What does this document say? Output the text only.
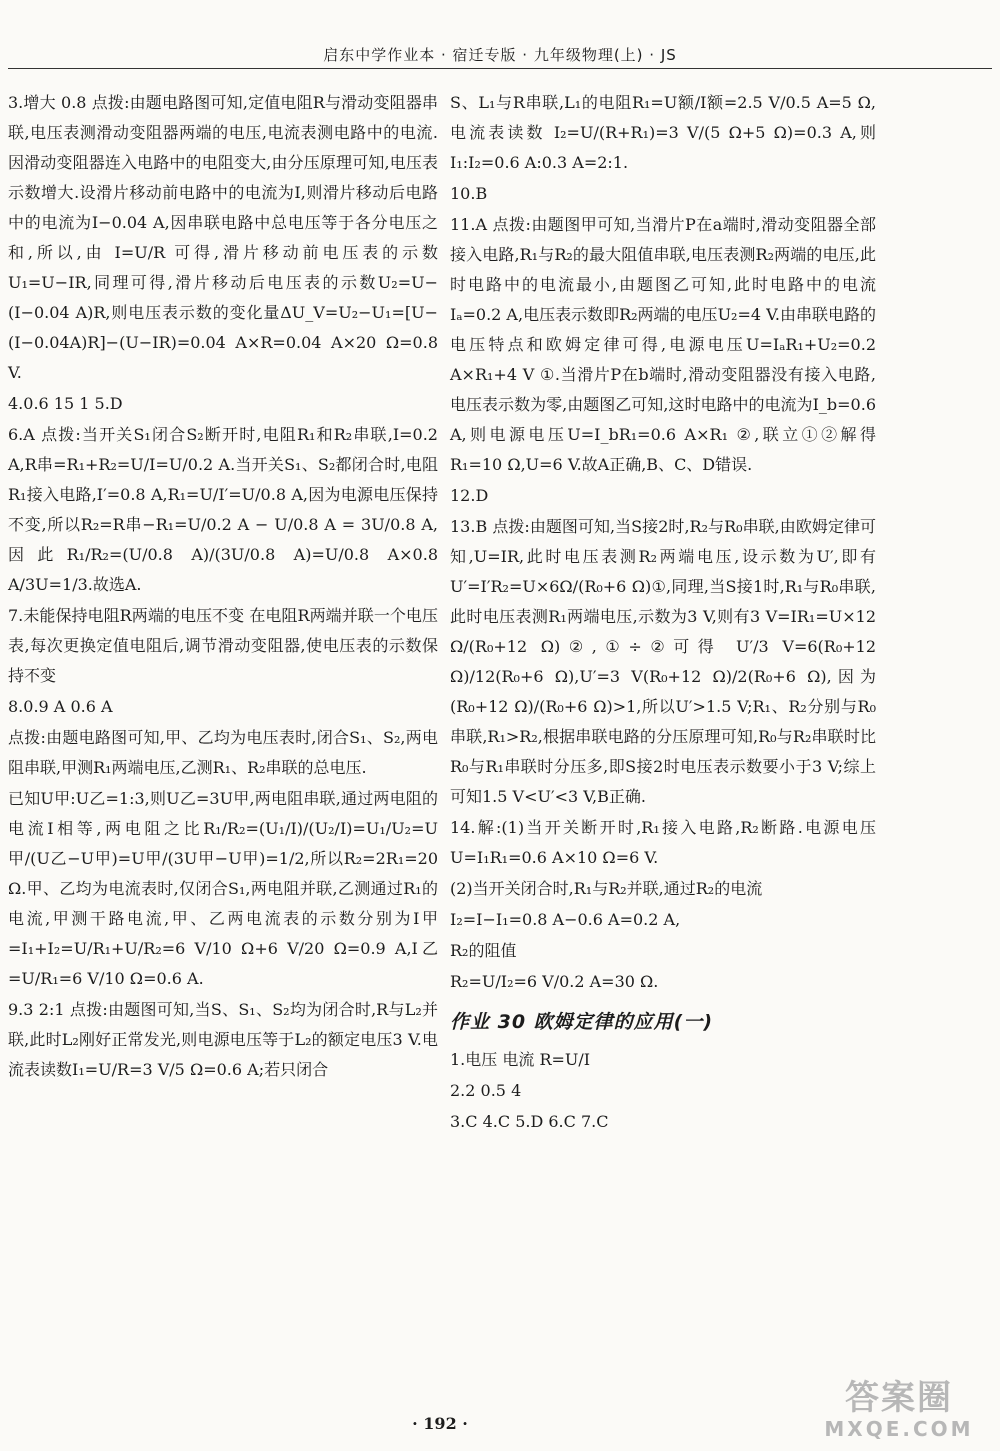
启东中学作业本 · 宿迁专版 · 九年级物理(上) · JS

3.增大 0.8 点拨:由题电路图可知,定值电阻R与滑动变阻器串联,电压表测滑动变阻器两端的电压,电流表测电路中的电流.因滑动变阻器连入电路中的电阻变大,由分压原理可知,电压表示数增大.设滑片移动前电路中的电流为I,则滑片移动后电路中的电流为I−0.04 A,因串联电路中总电压等于各分电压之和,所以,由 I=U/R 可得,滑片移动前电压表的示数U₁=U−IR,同理可得,滑片移动后电压表的示数U₂=U−(I−0.04 A)R,则电压表示数的变化量ΔU_V=U₂−U₁=[U−(I−0.04A)R]−(U−IR)=0.04 A×R=0.04 A×20 Ω=0.8 V.

4.0.6 15 1 5.D

6.A 点拨:当开关S₁闭合S₂断开时,电阻R₁和R₂串联,I=0.2 A,R串=R₁+R₂=U/I=U/0.2 A.当开关S₁、S₂都闭合时,电阻R₁接入电路,I′=0.8 A,R₁=U/I′=U/0.8 A,因为电源电压保持不变,所以R₂=R串−R₁=U/0.2 A − U/0.8 A = 3U/0.8 A,因此R₁/R₂=(U/0.8 A)/(3U/0.8 A)=U/0.8 A×0.8 A/3U=1/3.故选A.

7.未能保持电阻R两端的电压不变 在电阻R两端并联一个电压表,每次更换定值电阻后,调节滑动变阻器,使电压表的示数保持不变

8.0.9 A 0.6 A

点拨:由题电路图可知,甲、乙均为电压表时,闭合S₁、S₂,两电阻串联,甲测R₁两端电压,乙测R₁、R₂串联的总电压.

已知U甲:U乙=1:3,则U乙=3U甲,两电阻串联,通过两电阻的电流I相等,两电阻之比R₁/R₂=(U₁/I)/(U₂/I)=U₁/U₂=U甲/(U乙−U甲)=U甲/(3U甲−U甲)=1/2,所以R₂=2R₁=20 Ω.甲、乙均为电流表时,仅闭合S₁,两电阻并联,乙测通过R₁的电流,甲测干路电流,甲、乙两电流表的示数分别为I甲=I₁+I₂=U/R₁+U/R₂=6 V/10 Ω+6 V/20 Ω=0.9 A,I乙=U/R₁=6 V/10 Ω=0.6 A.

9.3 2:1 点拨:由题图可知,当S、S₁、S₂均为闭合时,R与L₂并联,此时L₂刚好正常发光,则电源电压等于L₂的额定电压3 V.电流表读数I₁=U/R=3 V/5 Ω=0.6 A;若只闭合

S、L₁与R串联,L₁的电阻R₁=U额/I额=2.5 V/0.5 A=5 Ω,电流表读数 I₂=U/(R+R₁)=3 V/(5 Ω+5 Ω)=0.3 A,则I₁:I₂=0.6 A:0.3 A=2:1.

10.B

11.A 点拨:由题图甲可知,当滑片P在a端时,滑动变阻器全部接入电路,R₁与R₂的最大阻值串联,电压表测R₂两端的电压,此时电路中的电流最小,由题图乙可知,此时电路中的电流Iₐ=0.2 A,电压表示数即R₂两端的电压U₂=4 V.由串联电路的电压特点和欧姆定律可得,电源电压U=IₐR₁+U₂=0.2 A×R₁+4 V ①.当滑片P在b端时,滑动变阻器没有接入电路,电压表示数为零,由题图乙可知,这时电路中的电流为I_b=0.6 A,则电源电压U=I_bR₁=0.6 A×R₁ ②,联立①②解得R₁=10 Ω,U=6 V.故A正确,B、C、D错误.

12.D

13.B 点拨:由题图可知,当S接2时,R₂与R₀串联,由欧姆定律可知,U=IR,此时电压表测R₂两端电压,设示数为U′,即有U′=I′R₂=U×6Ω/(R₀+6 Ω)①,同理,当S接1时,R₁与R₀串联,此时电压表测R₁两端电压,示数为3 V,则有3 V=IR₁=U×12 Ω/(R₀+12 Ω)②,①÷②可得 U′/3 V=6(R₀+12 Ω)/12(R₀+6 Ω),U′=3 V(R₀+12 Ω)/2(R₀+6 Ω),因为(R₀+12 Ω)/(R₀+6 Ω)>1,所以U′>1.5 V;R₁、R₂分别与R₀串联,R₁>R₂,根据串联电路的分压原理可知,R₀与R₂串联时比R₀与R₁串联时分压多,即S接2时电压表示数要小于3 V;综上可知1.5 V<U′<3 V,B正确.

14.解:(1)当开关断开时,R₁接入电路,R₂断路.电源电压U=I₁R₁=0.6 A×10 Ω=6 V.

(2)当开关闭合时,R₁与R₂并联,通过R₂的电流

I₂=I−I₁=0.8 A−0.6 A=0.2 A,

R₂的阻值

R₂=U/I₂=6 V/0.2 A=30 Ω.

作业 30 欧姆定律的应用(一)

1.电压 电流 R=U/I

2.2 0.5 4

3.C 4.C 5.D 6.C 7.C

· 192 ·
答案圈
MXQE.COM
